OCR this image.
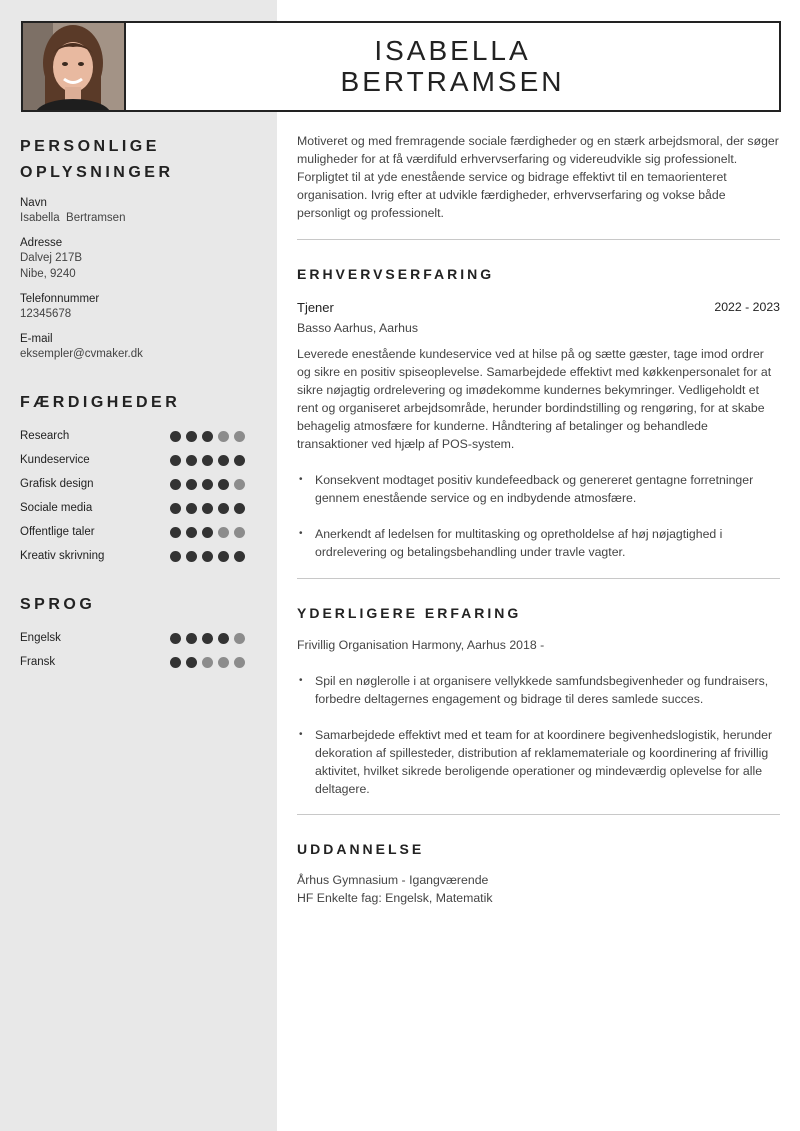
ISABELLA
BERTRAMSEN
PERSONLIGE
OPLYSNINGER
Navn
Isabella  Bertramsen
Adresse
Dalvej 217B
Nibe, 9240
Telefonnummer
12345678
E-mail
eksempler@cvmaker.dk
FÆRDIGHEDER
Research
Kundeservice
Grafisk design
Sociale media
Offentlige taler
Kreativ skrivning
SPROG
Engelsk
Fransk

Motiveret og med fremragende sociale færdigheder og en stærk arbejdsmoral, der søger muligheder for at få værdifuld erhvervserfaring og videreudvikle sig professionelt. Forpligtet til at yde enestående service og bidrage effektivt til en temaorienteret organisation. Ivrig efter at udvikle færdigheder, erhvervserfaring og vokse både personligt og professionelt.

ERHVERVSERFARING
Tjener	2022 - 2023
Basso Aarhus, Aarhus

Leverede enestående kundeservice ved at hilse på og sætte gæster, tage imod ordrer og sikre en positiv spiseoplevelse. Samarbejdede effektivt med køkkenpersonalet for at sikre nøjagtig ordrelevering og imødekomme kundernes bekymringer. Vedligeholdt et rent og organiseret arbejdsområde, herunder bordindstilling og rengøring, for at skabe behagelig atmosfære for kunderne. Håndtering af betalinger og behandlede transaktioner ved hjælp af POS-system.

• Konsekvent modtaget positiv kundefeedback og genereret gentagne forretninger gennem enestående service og en indbydende atmosfære.
• Anerkendt af ledelsen for multitasking og opretholdelse af høj nøjagtighed i ordrelevering og betalingsbehandling under travle vagter.
YDERLIGERE ERFARING
Frivillig Organisation Harmony, Aarhus 2018 -
• Spil en nøglerolle i at organisere vellykkede samfundsbegivenheder og fundraisers, forbedre deltagernes engagement og bidrage til deres samlede succes.
• Samarbejdede effektivt med et team for at koordinere begivenhedslogistik, herunder dekoration af spillesteder, distribution af reklamemateriale og koordinering af frivillig aktivitet, hvilket sikrede beroligende operationer og mindeværdig oplevelse for alle deltagere.
UDDANNELSE
Århus Gymnasium - Igangværende
HF Enkelte fag: Engelsk, Matematik
